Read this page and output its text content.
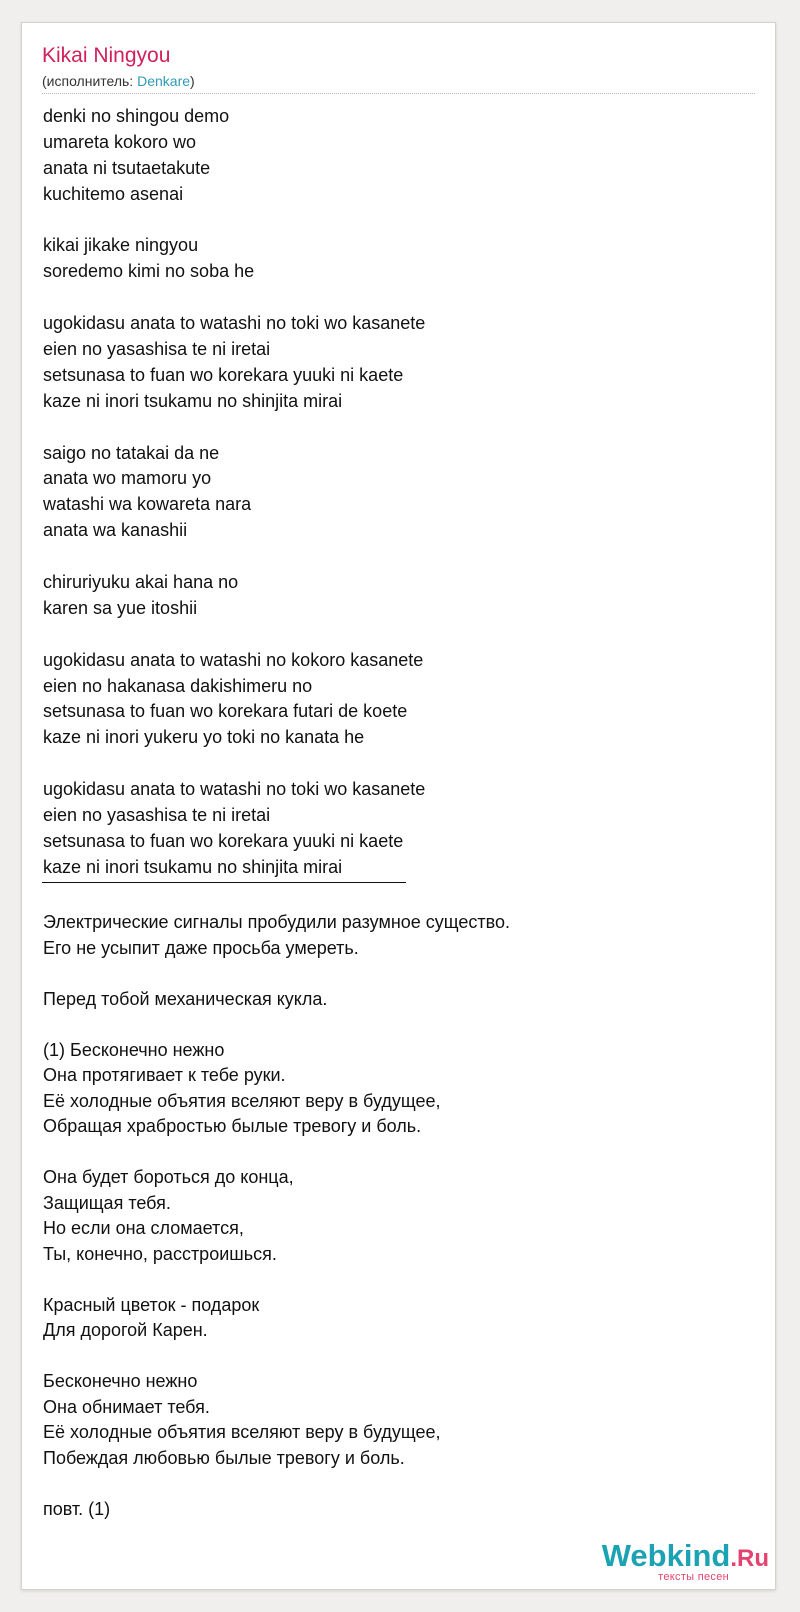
Kikai Ningyou
(исполнитель: Denkare)
denki no shingou demo
umareta kokoro wo
anata ni tsutaetakute
kuchitemo asenai
kikai jikake ningyou
soredemo kimi no soba he
ugokidasu anata to watashi no toki wo kasanete
eien no yasashisa te ni iretai
setsunasa to fuan wo korekara yuuki ni kaete
kaze ni inori tsukamu no shinjita mirai
saigo no tatakai da ne
anata wo mamoru yo
watashi wa kowareta nara
anata wa kanashii
chiruriyuku akai hana no
karen sa yue itoshii
ugokidasu anata to watashi no kokoro kasanete
eien no hakanasa dakishimeru no
setsunasa to fuan wo korekara futari de koete
kaze ni inori yukeru yo toki no kanata he
ugokidasu anata to watashi no toki wo kasanete
eien no yasashisa te ni iretai
setsunasa to fuan wo korekara yuuki ni kaete
kaze ni inori tsukamu no shinjita mirai
Электрические сигналы пробудили разумное существо.
Его не усыпит даже просьба умереть.
Перед тобой механическая кукла.
(1) Бесконечно нежно
Она протягивает к тебе руки.
Её холодные объятия вселяют веру в будущее,
Обращая храбростью былые тревогу и боль.
Она будет бороться до конца,
Защищая тебя.
Но если она сломается,
Ты, конечно, расстроишься.
Красный цветок - подарок
Для дорогой Карен.
Бесконечно нежно
Она обнимает тебя.
Её холодные объятия вселяют веру в будущее,
Побеждая любовью былые тревогу и боль.
повт. (1)
Webkind.Ru
тексты песен
